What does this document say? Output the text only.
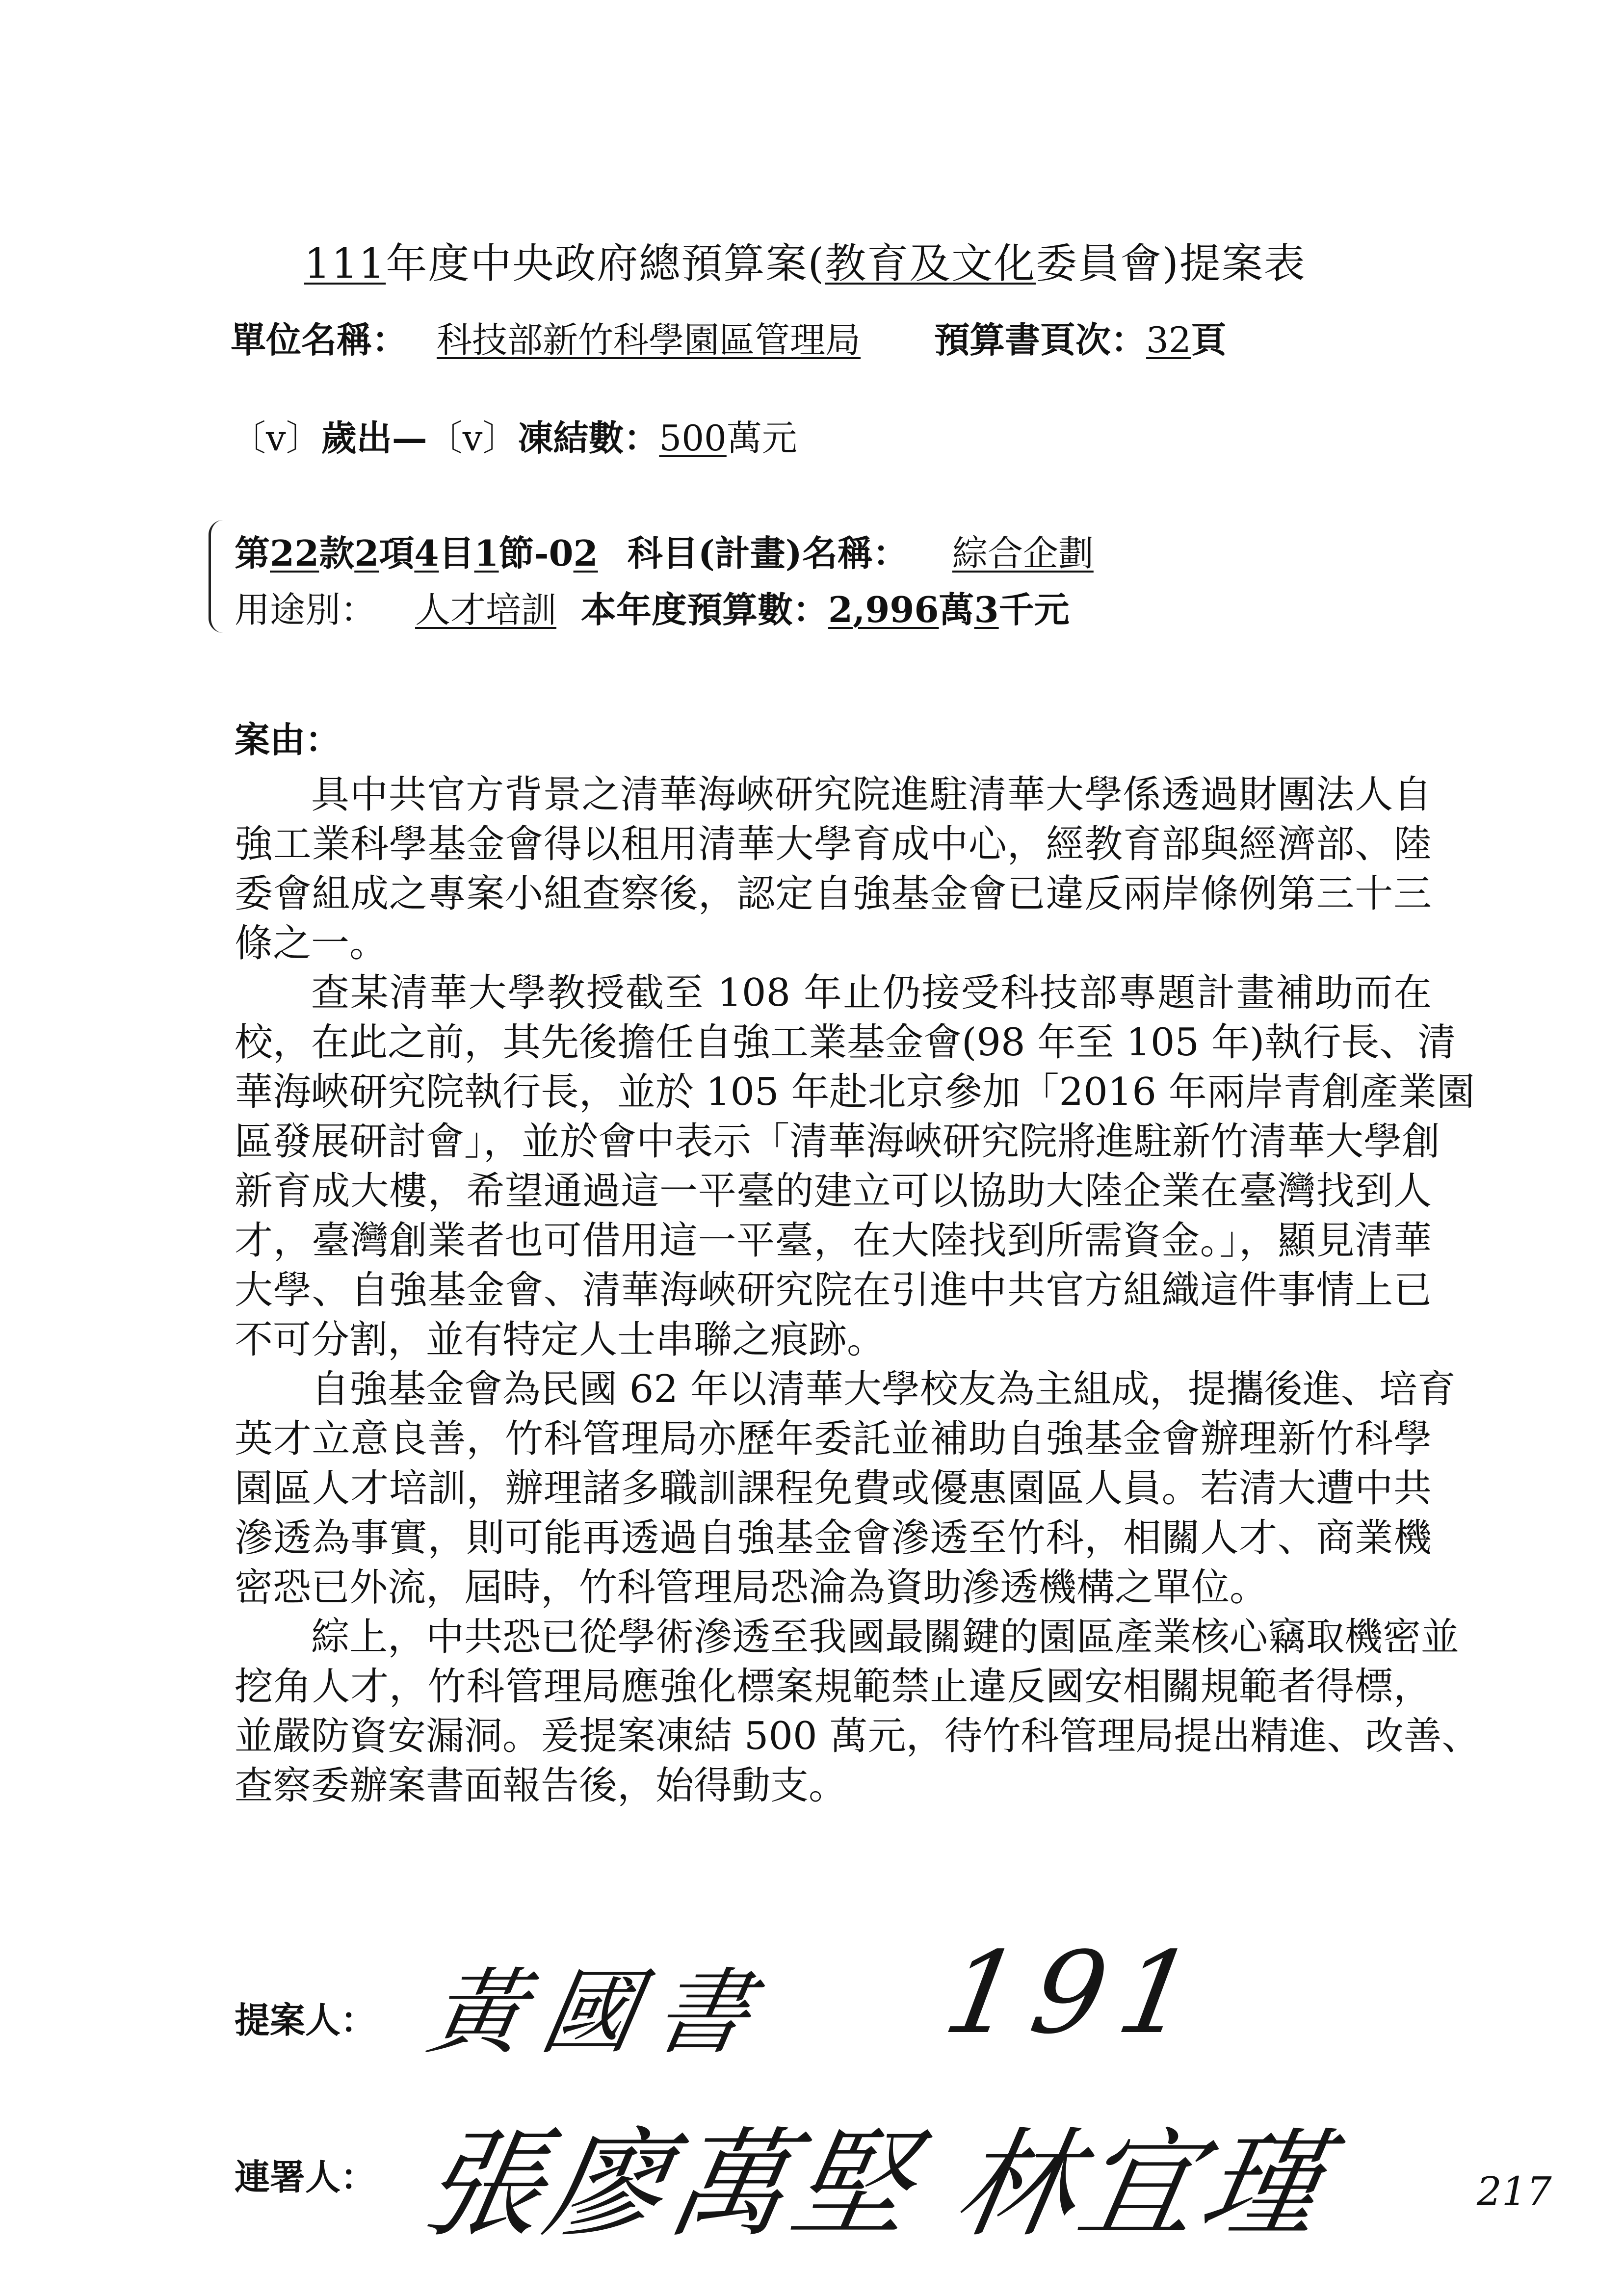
111年度中央政府總預算案(教育及文化委員會)提案表
單位名稱： 科技部新竹科學園區管理局 預算書頁次：32頁
〔v〕歲出—〔v〕凍結數：500萬元
第22款2項4目1節-02 科目(計畫)名稱： 綜合企劃
用途別： 人才培訓 本年度預算數：2,996萬3千元
案由：
具中共官方背景之清華海峽研究院進駐清華大學係透過財團法人自
強工業科學基金會得以租用清華大學育成中心，經教育部與經濟部、陸
委會組成之專案小組查察後，認定自強基金會已違反兩岸條例第三十三
條之一。
查某清華大學教授截至 108 年止仍接受科技部專題計畫補助而在
校，在此之前，其先後擔任自強工業基金會(98 年至 105 年)執行長、清
華海峽研究院執行長，並於 105 年赴北京參加「2016 年兩岸青創產業園
區發展研討會」，並於會中表示「清華海峽研究院將進駐新竹清華大學創
新育成大樓，希望通過這一平臺的建立可以協助大陸企業在臺灣找到人
才，臺灣創業者也可借用這一平臺，在大陸找到所需資金。」，顯見清華
大學、自強基金會、清華海峽研究院在引進中共官方組織這件事情上已
不可分割，並有特定人士串聯之痕跡。
自強基金會為民國 62 年以清華大學校友為主組成，提攜後進、培育
英才立意良善，竹科管理局亦歷年委託並補助自強基金會辦理新竹科學
園區人才培訓，辦理諸多職訓課程免費或優惠園區人員。若清大遭中共
滲透為事實，則可能再透過自強基金會滲透至竹科，相關人才、商業機
密恐已外流，屆時，竹科管理局恐淪為資助滲透機構之單位。
綜上，中共恐已從學術滲透至我國最關鍵的園區產業核心竊取機密並
挖角人才，竹科管理局應強化標案規範禁止違反國安相關規範者得標，
並嚴防資安漏洞。爰提案凍結 500 萬元，待竹科管理局提出精進、改善、
查察委辦案書面報告後，始得動支。
提案人： 黃國書 191
連署人： 張廖萬堅 林宜瑾	217
